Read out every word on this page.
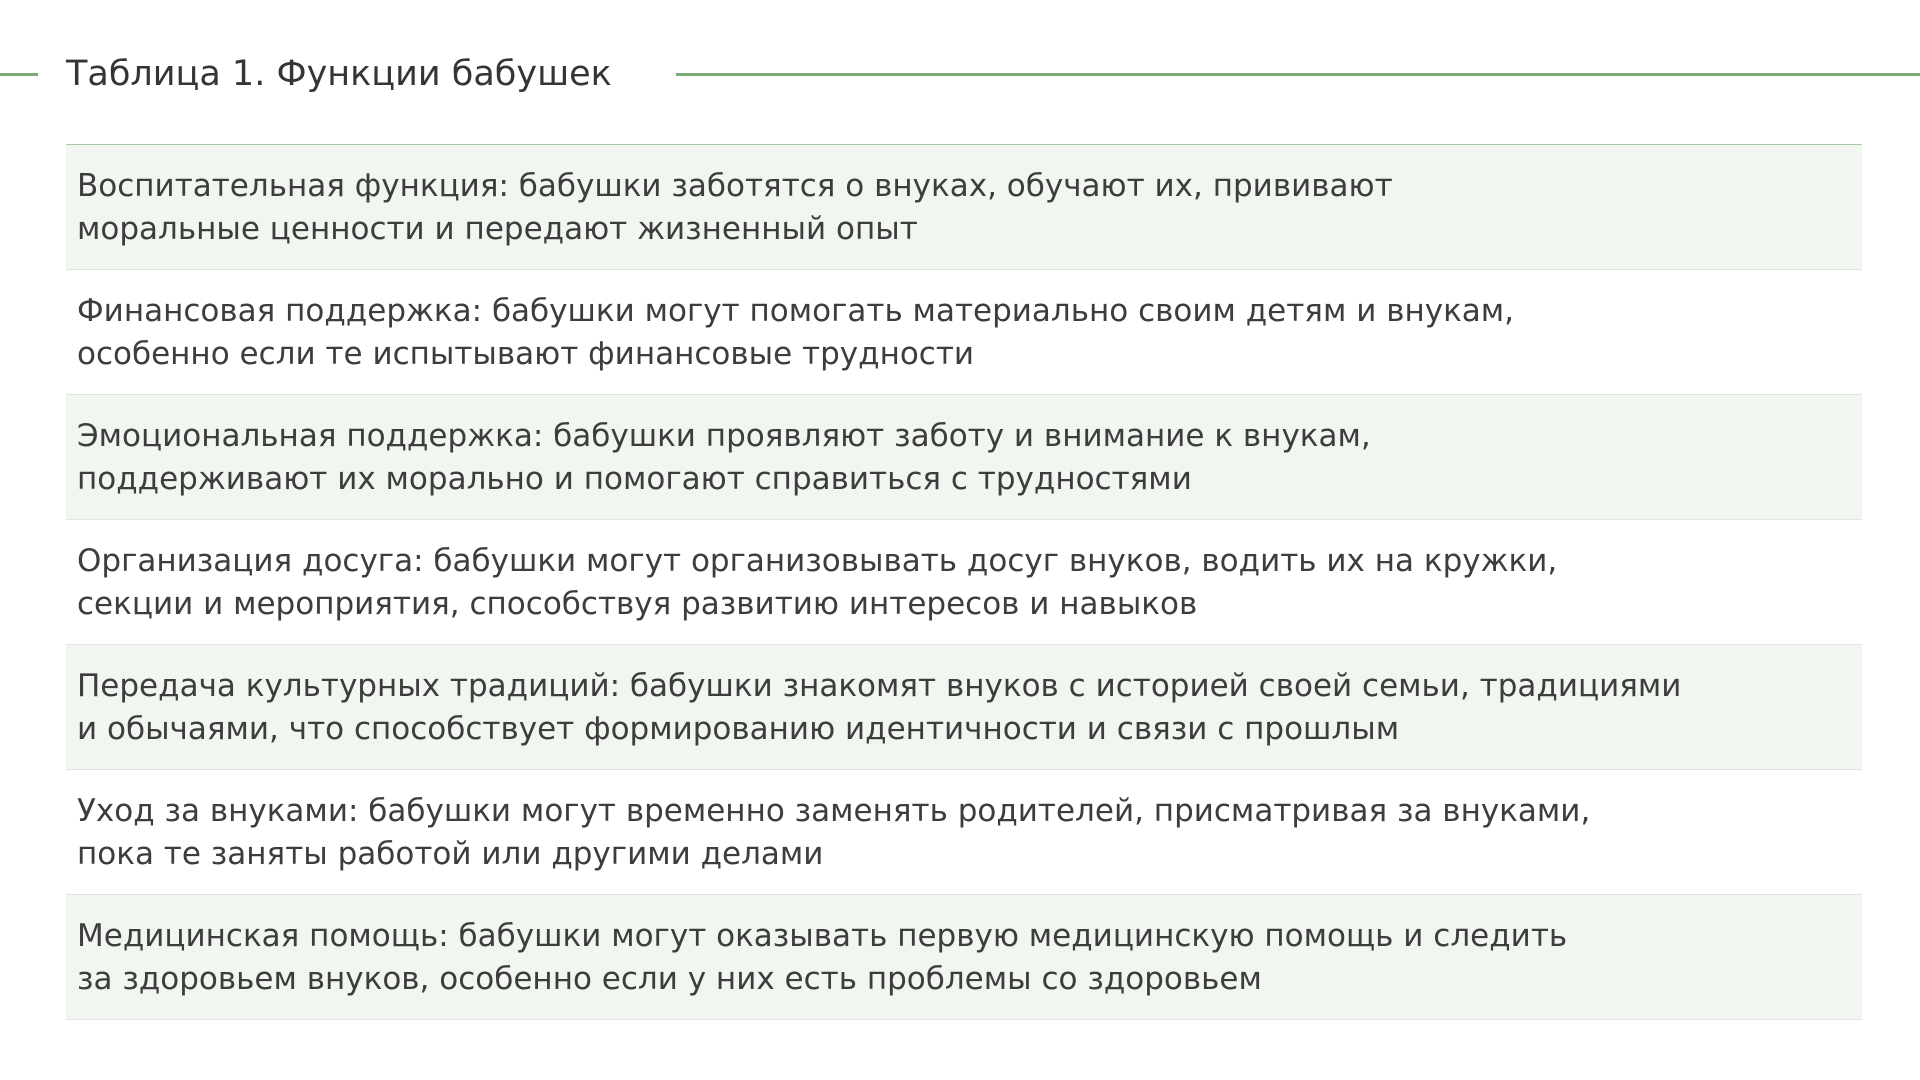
Таблица 1. Функции бабушек
Воспитательная функция: бабушки заботятся о внуках, обучают их, прививают
моральные ценности и передают жизненный опыт
Финансовая поддержка: бабушки могут помогать материально своим детям и внукам,
особенно если те испытывают финансовые трудности
Эмоциональная поддержка: бабушки проявляют заботу и внимание к внукам,
поддерживают их морально и помогают справиться с трудностями
Организация досуга: бабушки могут организовывать досуг внуков, водить их на кружки,
секции и мероприятия, способствуя развитию интересов и навыков
Передача культурных традиций: бабушки знакомят внуков с историей своей семьи, традициями
и обычаями, что способствует формированию идентичности и связи с прошлым
Уход за внуками: бабушки могут временно заменять родителей, присматривая за внуками,
пока те заняты работой или другими делами
Медицинская помощь: бабушки могут оказывать первую медицинскую помощь и следить
за здоровьем внуков, особенно если у них есть проблемы со здоровьем
